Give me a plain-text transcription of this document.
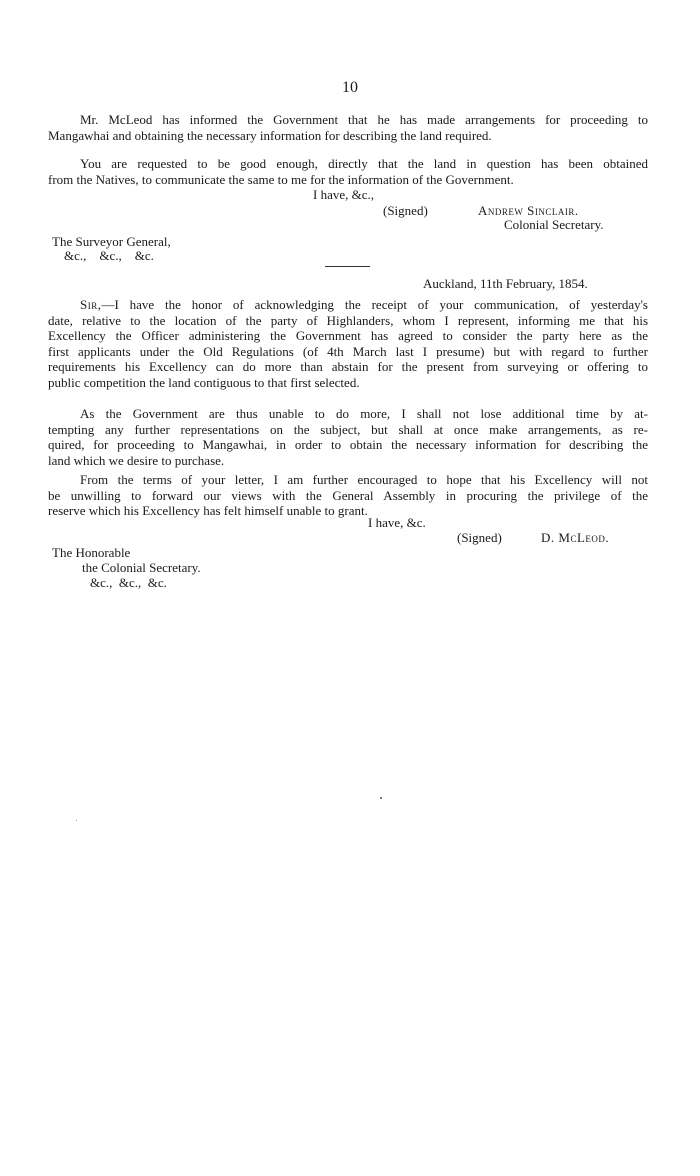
10
Mr. McLeod has informed the Government that he has made arrangements for proceeding to
Mangawhai and obtaining the necessary information for describing the land required.
You are requested to be good enough, directly that the land in question has been obtained
from the Natives, to communicate the same to me for the information of the Government.
I have, &c.,
(Signed)	Andrew Sinclair.
Colonial Secretary.
The Surveyor General,
&c.,    &c.,    &c.
Auckland, 11th February, 1854.
Sir,—I have the honor of acknowledging the receipt of your communication, of yesterday's
date, relative to the location of the party of Highlanders, whom I represent, informing me that his
Excellency the Officer administering the Government has agreed to consider the party here as the
first applicants under the Old Regulations (of 4th March last I presume) but with regard to further
requirements his Excellency can do more than abstain for the present from surveying or offering to
public competition the land contiguous to that first selected.
As the Government are thus unable to do more, I shall not lose additional time by at-
tempting any further representations on the subject, but shall at once make arrangements, as re-
quired, for proceeding to Mangawhai, in order to obtain the necessary information for describing the
land which we desire to purchase.
From the terms of your letter, I am further encouraged to hope that his Excellency will not
be unwilling to forward our views with the General Assembly in procuring the privilege of the
reserve which his Excellency has felt himself unable to grant.
I have, &c.
(Signed)	D. McLeod.
The Honorable
the Colonial Secretary.
&c.,  &c.,  &c.
